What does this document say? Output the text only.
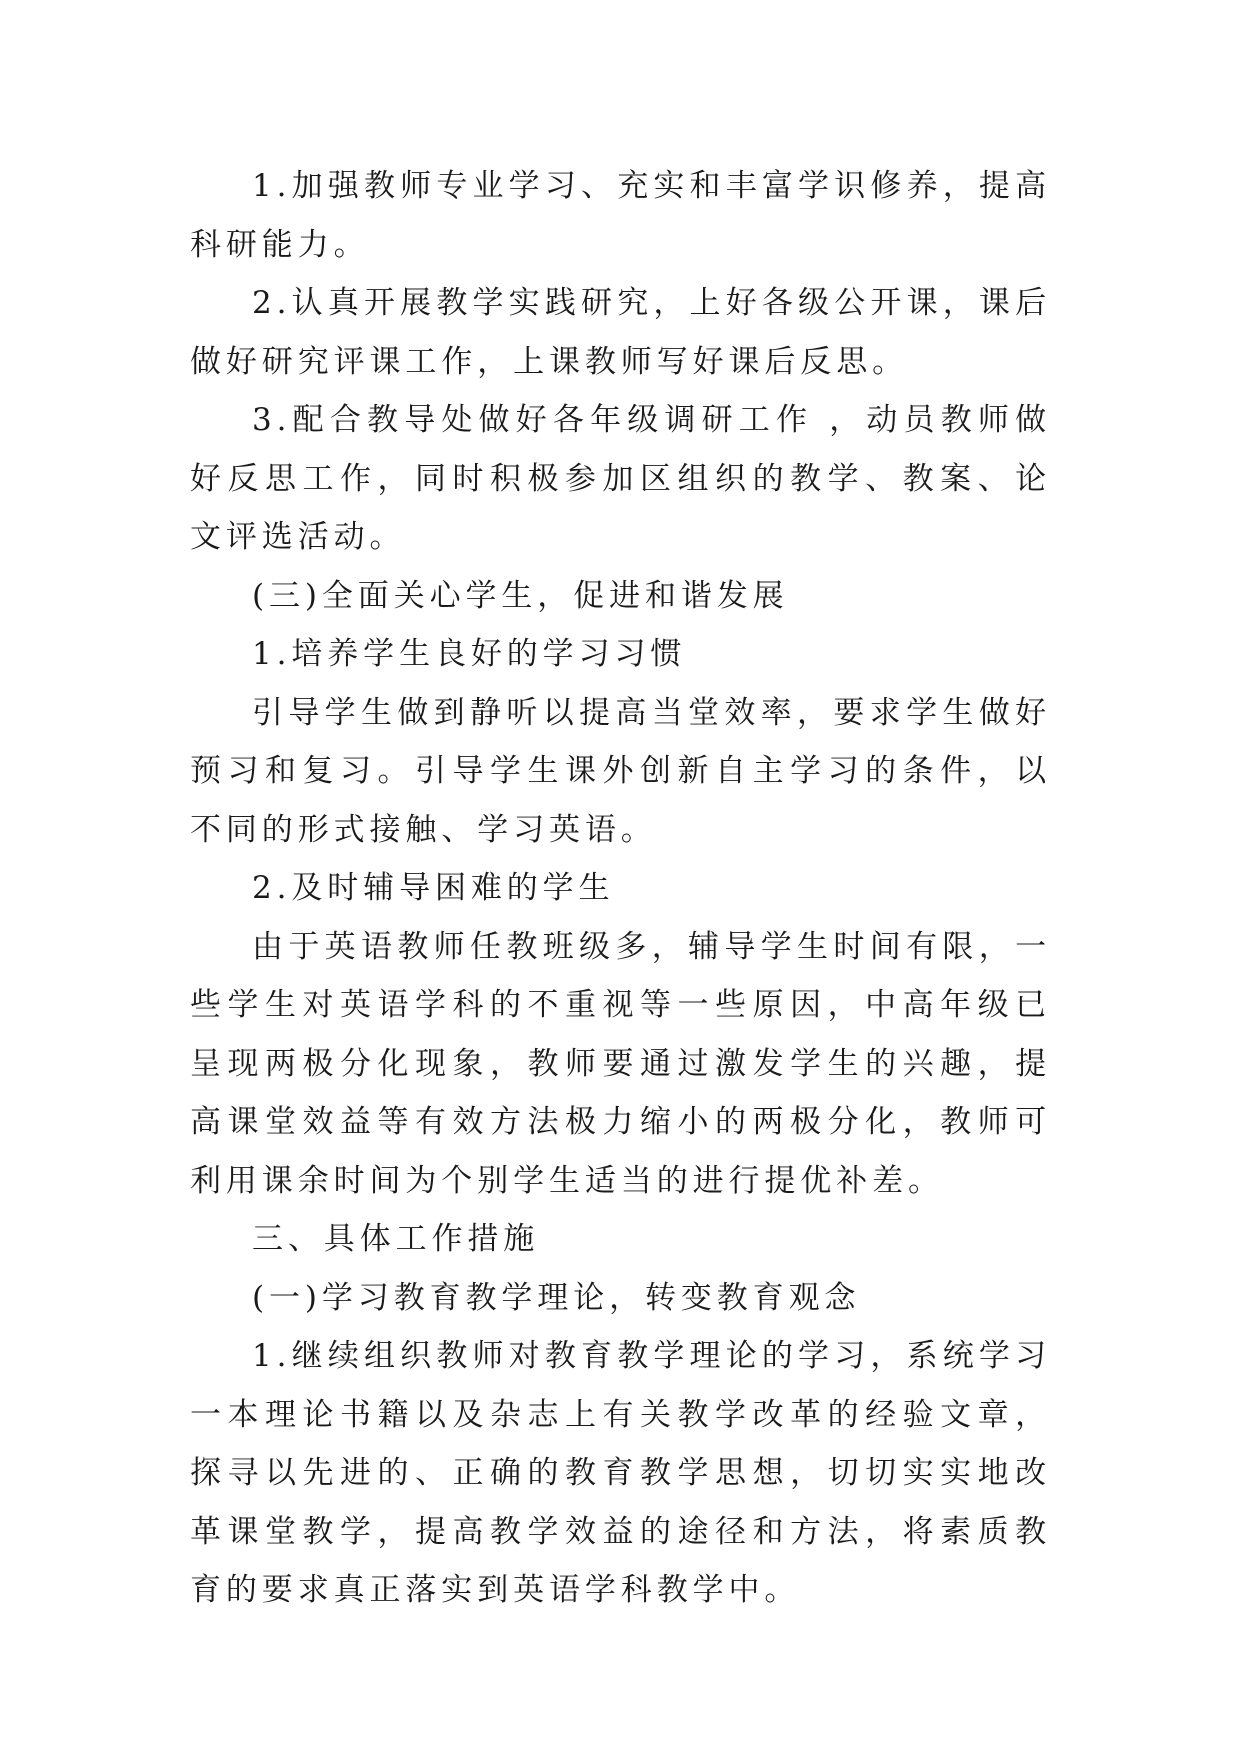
1.加强教师专业学习、充实和丰富学识修养，提高科研能力。

2.认真开展教学实践研究，上好各级公开课，课后做好研究评课工作，上课教师写好课后反思。

3.配合教导处做好各年级调研工作 ，动员教师做好反思工作，同时积极参加区组织的教学、教案、论文评选活动。

(三)全面关心学生，促进和谐发展

1.培养学生良好的学习习惯

引导学生做到静听以提高当堂效率，要求学生做好预习和复习。引导学生课外创新自主学习的条件，以不同的形式接触、学习英语。

2.及时辅导困难的学生

由于英语教师任教班级多，辅导学生时间有限，一些学生对英语学科的不重视等一些原因，中高年级已呈现两极分化现象，教师要通过激发学生的兴趣，提高课堂效益等有效方法极力缩小的两极分化，教师可利用课余时间为个别学生适当的进行提优补差。

三、具体工作措施

(一)学习教育教学理论，转变教育观念

1.继续组织教师对教育教学理论的学习，系统学习一本理论书籍以及杂志上有关教学改革的经验文章，探寻以先进的、正确的教育教学思想，切切实实地改革课堂教学，提高教学效益的途径和方法，将素质教育的要求真正落实到英语学科教学中。
